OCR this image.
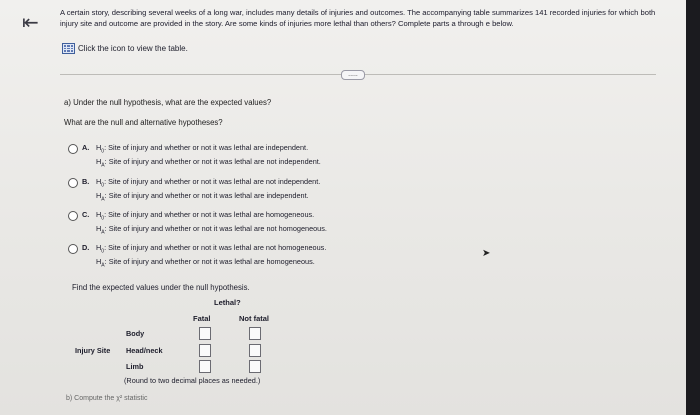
⇤	A certain story, describing several weeks of a long war, includes many details of injuries and outcomes. The accompanying table summarizes 141 recorded injuries for which both injury site and outcome are provided in the story. Are some kinds of injuries more lethal than others? Complete parts a through e below.
Click the icon to view the table.
.....
a) Under the null hypothesis, what are the expected values?
What are the null and alternative hypotheses?
A. $H_0$: Site of injury and whether or not it was lethal are independent.
$H_A$: Site of injury and whether or not it was lethal are not independent.
B. $H_0$: Site of injury and whether or not it was lethal are not independent.
$H_A$: Site of injury and whether or not it was lethal are independent.
C. $H_0$: Site of injury and whether or not it was lethal are homogeneous.
$H_A$: Site of injury and whether or not it was lethal are not homogeneous.
D. $H_0$: Site of injury and whether or not it was lethal are not homogeneous.
$H_A$: Site of injury and whether or not it was lethal are homogeneous.
➤
Find the expected values under the null hypothesis.
Lethal?
Fatal	Not fatal
Injury Site
Body
Head/neck
Limb
(Round to two decimal places as needed.)
b) Compute the χ² statistic
